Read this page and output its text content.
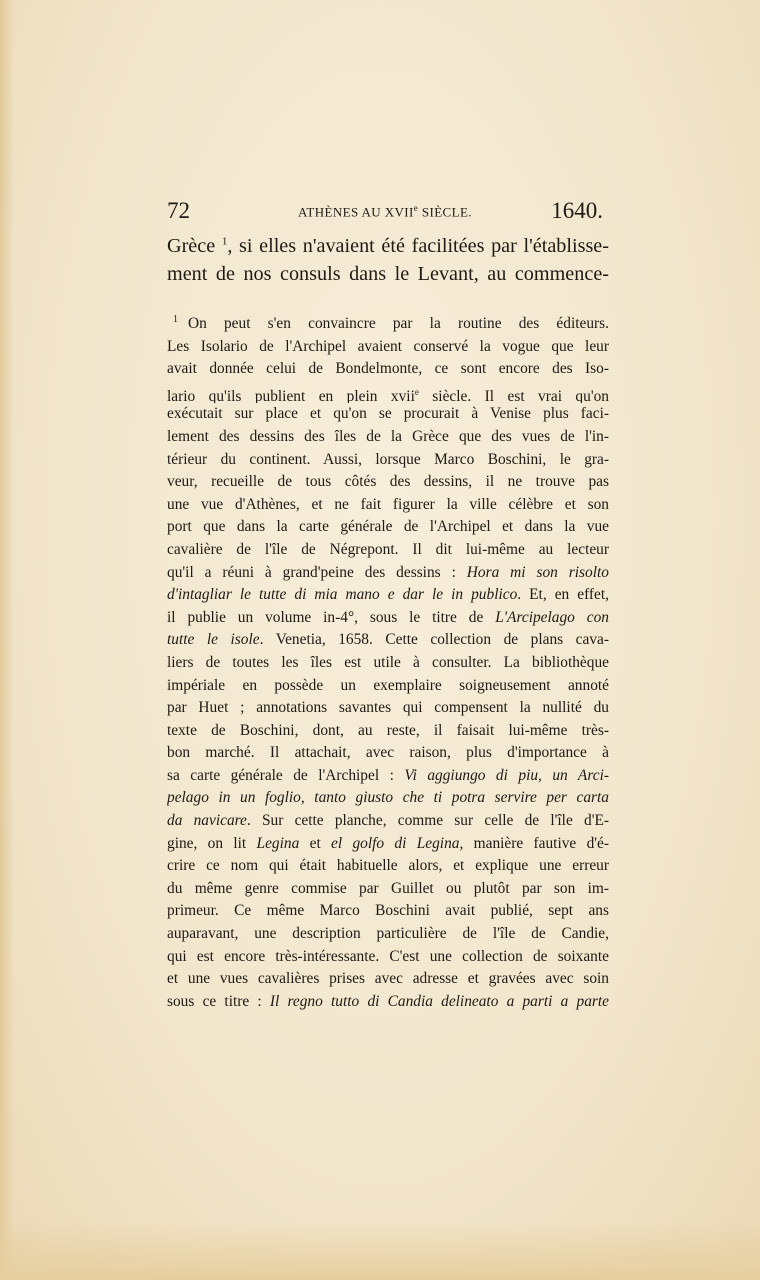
72	ATHÈNES AU XVIIe SIÈCLE.	1640.
Grèce $^1$, si elles n'avaient été facilitées par l'établisse-
ment de nos consuls dans le Levant, au commence-
$^1$ On peut s'en convaincre par la routine des éditeurs.
Les Isolario de l'Archipel avaient conservé la vogue que leur
avait donnée celui de Bondelmonte, ce sont encore des Iso-
lario qu'ils publient en plein xvii$^e$ siècle. Il est vrai qu'on
exécutait sur place et qu'on se procurait à Venise plus faci-
lement des dessins des îles de la Grèce que des vues de l'in-
térieur du continent. Aussi, lorsque Marco Boschini, le gra-
veur, recueille de tous côtés des dessins, il ne trouve pas
une vue d'Athènes, et ne fait figurer la ville célèbre et son
port que dans la carte générale de l'Archipel et dans la vue
cavalière de l'île de Négrepont. Il dit lui-même au lecteur
qu'il a réuni à grand'peine des dessins : Hora mi son risolto
d'intagliar le tutte di mia mano e dar le in publico. Et, en effet,
il publie un volume in-4°, sous le titre de L'Arcipelago con
tutte le isole. Venetia, 1658. Cette collection de plans cava-
liers de toutes les îles est utile à consulter. La bibliothèque
impériale en possède un exemplaire soigneusement annoté
par Huet ; annotations savantes qui compensent la nullité du
texte de Boschini, dont, au reste, il faisait lui-même très-
bon marché. Il attachait, avec raison, plus d'importance à
sa carte générale de l'Archipel : Vi aggiungo di piu, un Arci-
pelago in un foglio, tanto giusto che ti potra servire per carta
da navicare. Sur cette planche, comme sur celle de l'île d'E-
gine, on lit Legina et el golfo di Legina, manière fautive d'é-
crire ce nom qui était habituelle alors, et explique une erreur
du même genre commise par Guillet ou plutôt par son im-
primeur. Ce même Marco Boschini avait publié, sept ans
auparavant, une description particulière de l'île de Candie,
qui est encore très-intéressante. C'est une collection de soixante
et une vues cavalières prises avec adresse et gravées avec soin
sous ce titre : Il regno tutto di Candia delineato a parti a parte
